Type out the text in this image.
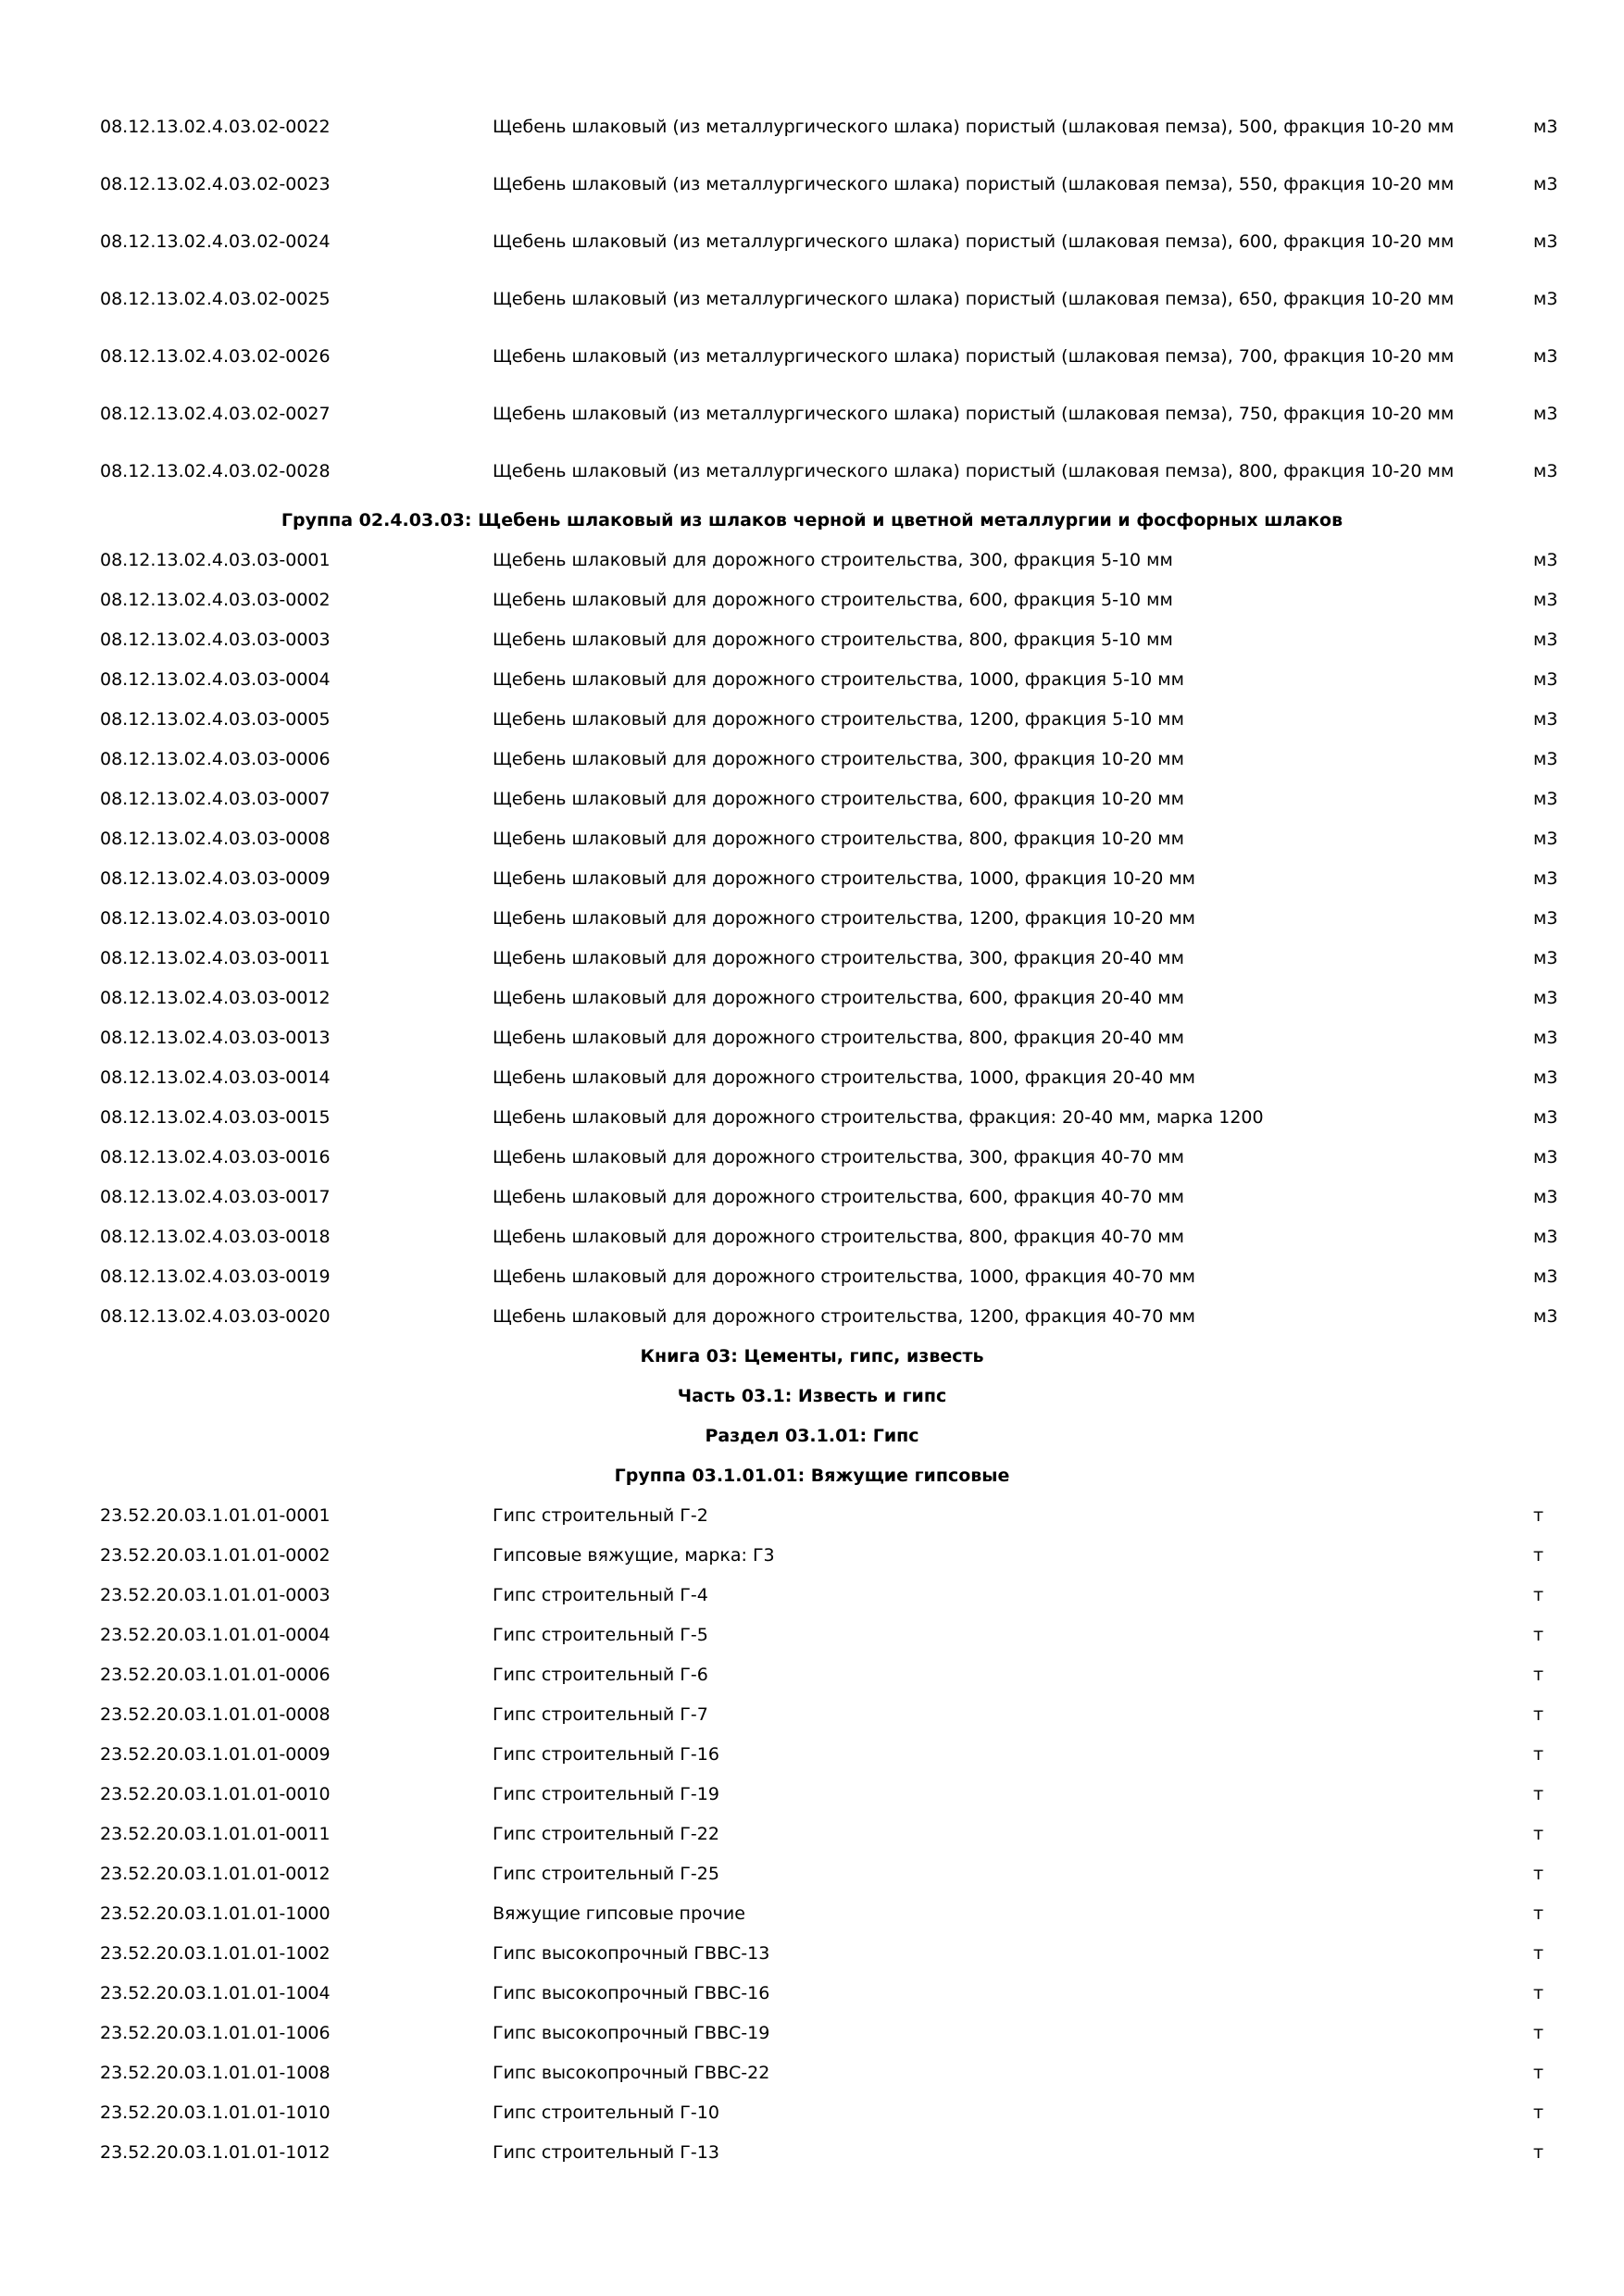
08.12.13.02.4.03.02-0022	Щебень шлаковый (из металлургического шлака) пористый (шлаковая пемза), 500, фракция 10-20 мм	м3
08.12.13.02.4.03.02-0023	Щебень шлаковый (из металлургического шлака) пористый (шлаковая пемза), 550, фракция 10-20 мм	м3
08.12.13.02.4.03.02-0024	Щебень шлаковый (из металлургического шлака) пористый (шлаковая пемза), 600, фракция 10-20 мм	м3
08.12.13.02.4.03.02-0025	Щебень шлаковый (из металлургического шлака) пористый (шлаковая пемза), 650, фракция 10-20 мм	м3
08.12.13.02.4.03.02-0026	Щебень шлаковый (из металлургического шлака) пористый (шлаковая пемза), 700, фракция 10-20 мм	м3
08.12.13.02.4.03.02-0027	Щебень шлаковый (из металлургического шлака) пористый (шлаковая пемза), 750, фракция 10-20 мм	м3
08.12.13.02.4.03.02-0028	Щебень шлаковый (из металлургического шлака) пористый (шлаковая пемза), 800, фракция 10-20 мм	м3
Группа 02.4.03.03: Щебень шлаковый из шлаков черной и цветной металлургии и фосфорных шлаков
08.12.13.02.4.03.03-0001	Щебень шлаковый для дорожного строительства, 300, фракция 5-10 мм	м3
08.12.13.02.4.03.03-0002	Щебень шлаковый для дорожного строительства, 600, фракция 5-10 мм	м3
08.12.13.02.4.03.03-0003	Щебень шлаковый для дорожного строительства, 800, фракция 5-10 мм	м3
08.12.13.02.4.03.03-0004	Щебень шлаковый для дорожного строительства, 1000, фракция 5-10 мм	м3
08.12.13.02.4.03.03-0005	Щебень шлаковый для дорожного строительства, 1200, фракция 5-10 мм	м3
08.12.13.02.4.03.03-0006	Щебень шлаковый для дорожного строительства, 300, фракция 10-20 мм	м3
08.12.13.02.4.03.03-0007	Щебень шлаковый для дорожного строительства, 600, фракция 10-20 мм	м3
08.12.13.02.4.03.03-0008	Щебень шлаковый для дорожного строительства, 800, фракция 10-20 мм	м3
08.12.13.02.4.03.03-0009	Щебень шлаковый для дорожного строительства, 1000, фракция 10-20 мм	м3
08.12.13.02.4.03.03-0010	Щебень шлаковый для дорожного строительства, 1200, фракция 10-20 мм	м3
08.12.13.02.4.03.03-0011	Щебень шлаковый для дорожного строительства, 300, фракция 20-40 мм	м3
08.12.13.02.4.03.03-0012	Щебень шлаковый для дорожного строительства, 600, фракция 20-40 мм	м3
08.12.13.02.4.03.03-0013	Щебень шлаковый для дорожного строительства, 800, фракция 20-40 мм	м3
08.12.13.02.4.03.03-0014	Щебень шлаковый для дорожного строительства, 1000, фракция 20-40 мм	м3
08.12.13.02.4.03.03-0015	Щебень шлаковый для дорожного строительства, фракция: 20-40 мм, марка 1200	м3
08.12.13.02.4.03.03-0016	Щебень шлаковый для дорожного строительства, 300, фракция 40-70 мм	м3
08.12.13.02.4.03.03-0017	Щебень шлаковый для дорожного строительства, 600, фракция 40-70 мм	м3
08.12.13.02.4.03.03-0018	Щебень шлаковый для дорожного строительства, 800, фракция 40-70 мм	м3
08.12.13.02.4.03.03-0019	Щебень шлаковый для дорожного строительства, 1000, фракция 40-70 мм	м3
08.12.13.02.4.03.03-0020	Щебень шлаковый для дорожного строительства, 1200, фракция 40-70 мм	м3
Книга 03: Цементы, гипс, известь
Часть 03.1: Известь и гипс
Раздел 03.1.01: Гипс
Группа 03.1.01.01: Вяжущие гипсовые
23.52.20.03.1.01.01-0001	Гипс строительный Г-2	т
23.52.20.03.1.01.01-0002	Гипсовые вяжущие, марка: Г3	т
23.52.20.03.1.01.01-0003	Гипс строительный Г-4	т
23.52.20.03.1.01.01-0004	Гипс строительный Г-5	т
23.52.20.03.1.01.01-0006	Гипс строительный Г-6	т
23.52.20.03.1.01.01-0008	Гипс строительный Г-7	т
23.52.20.03.1.01.01-0009	Гипс строительный Г-16	т
23.52.20.03.1.01.01-0010	Гипс строительный Г-19	т
23.52.20.03.1.01.01-0011	Гипс строительный Г-22	т
23.52.20.03.1.01.01-0012	Гипс строительный Г-25	т
23.52.20.03.1.01.01-1000	Вяжущие гипсовые прочие	т
23.52.20.03.1.01.01-1002	Гипс высокопрочный ГВВС-13	т
23.52.20.03.1.01.01-1004	Гипс высокопрочный ГВВС-16	т
23.52.20.03.1.01.01-1006	Гипс высокопрочный ГВВС-19	т
23.52.20.03.1.01.01-1008	Гипс высокопрочный ГВВС-22	т
23.52.20.03.1.01.01-1010	Гипс строительный Г-10	т
23.52.20.03.1.01.01-1012	Гипс строительный Г-13	т
